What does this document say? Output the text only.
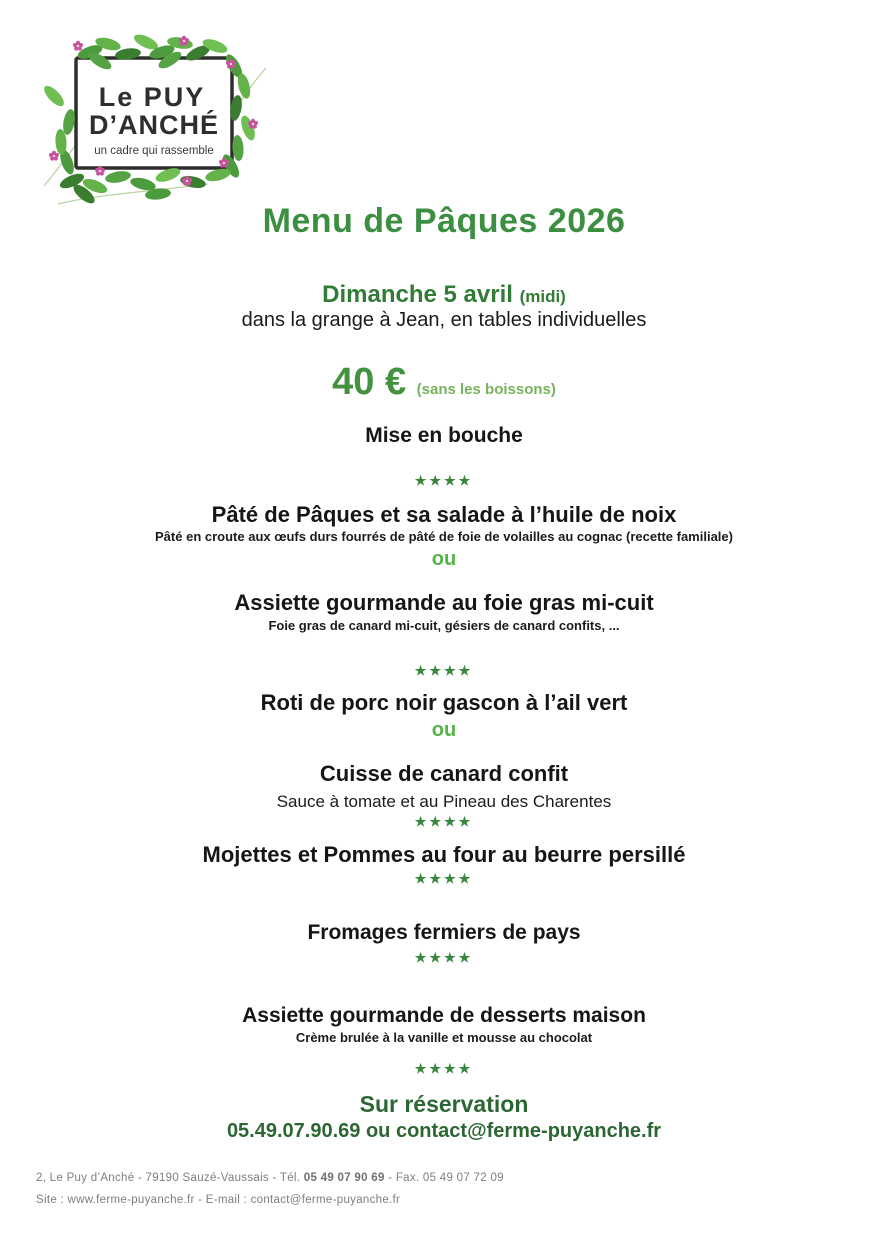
Le PUY
D’ANCHÉ
un cadre qui rassemble
Menu de Pâques 2026
Dimanche 5 avril (midi)
dans la grange à Jean, en tables individuelles
40 € (sans les boissons)
Mise en bouche
★★★★
Pâté de Pâques et sa salade à l’huile de noix
Pâté en croute aux œufs durs fourrés de pâté de foie de volailles au cognac (recette familiale)
ou
Assiette gourmande au foie gras mi-cuit
Foie gras de canard mi-cuit, gésiers de canard confits, ...
★★★★
Roti de porc noir gascon à l’ail vert
ou
Cuisse de canard confit
Sauce à tomate et au Pineau des Charentes
★★★★
Mojettes et Pommes au four au beurre persillé
★★★★
Fromages fermiers de pays
★★★★
Assiette gourmande de desserts maison
Crème brulée à la vanille et mousse au chocolat
★★★★
Sur réservation
05.49.07.90.69 ou contact@ferme-puyanche.fr
2, Le Puy d’Anché - 79190 Sauzé-Vaussais - Tél. 05 49 07 90 69 - Fax. 05 49 07 72 09
Site : www.ferme-puyanche.fr - E-mail : contact@ferme-puyanche.fr
